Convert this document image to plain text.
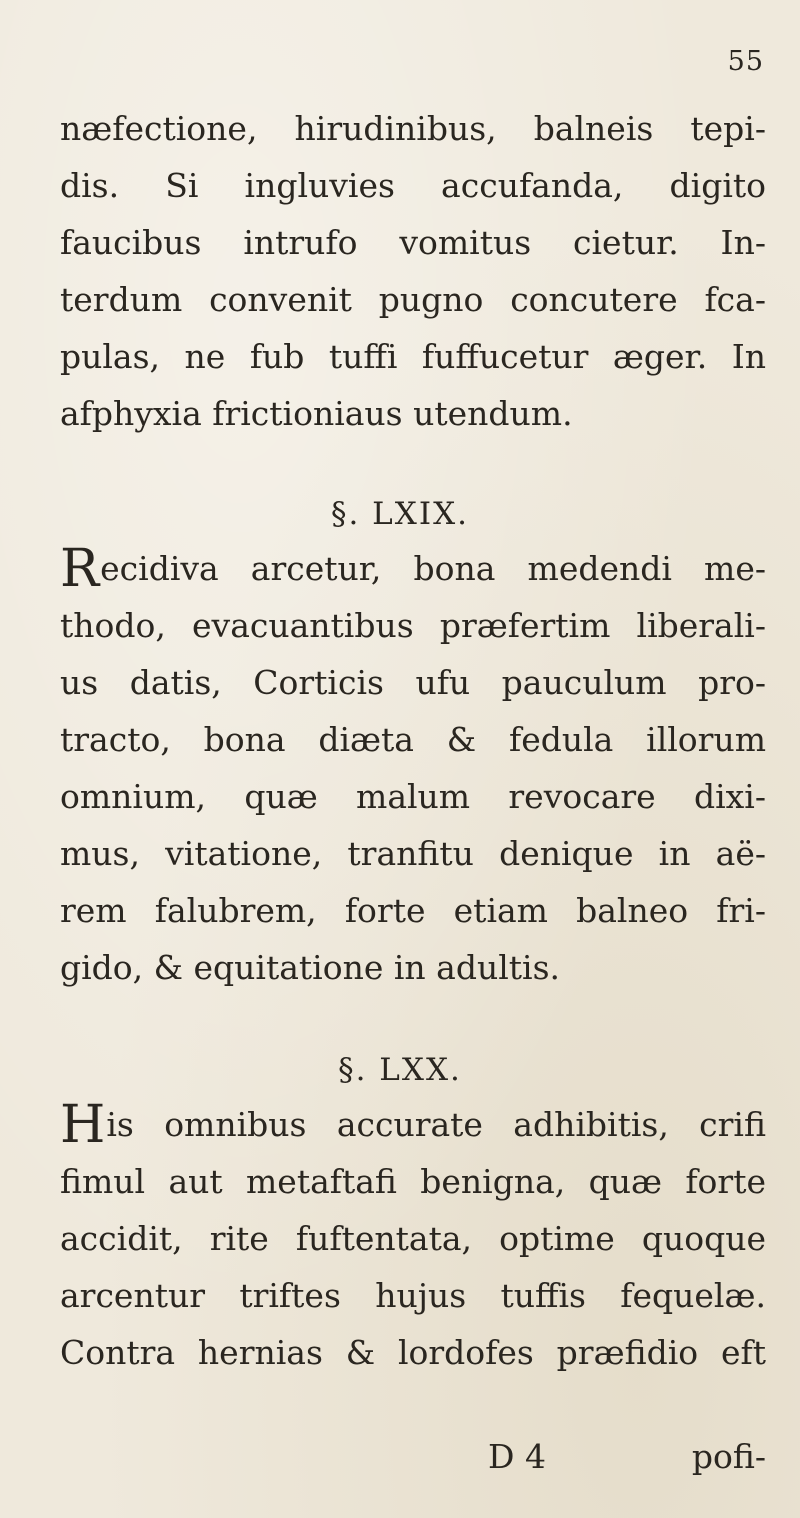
55
næfectione, hirudinibus, balneis tepi-
dis. Si ingluvies accufanda, digito
faucibus intrufo vomitus cietur. In-
terdum convenit pugno concutere fca-
pulas, ne fub tuffi fuffucetur æger. In
afphyxia frictioniaus utendum.
§. LXIX.
Recidiva arcetur, bona medendi me-
thodo, evacuantibus præfertim liberali-
us datis, Corticis ufu pauculum pro-
tracto, bona diæta & fedula illorum
omnium, quæ malum revocare dixi-
mus, vitatione, tranfitu denique in aë-
rem falubrem, forte etiam balneo fri-
gido, & equitatione in adultis.
§. LXX.
His omnibus accurate adhibitis, crifi
fimul aut metaftafi benigna, quæ forte
accidit, rite fuftentata, optime quoque
arcentur triftes hujus tuffis fequelæ.
Contra hernias & lordofes præfidio eft
D 4	pofi-
